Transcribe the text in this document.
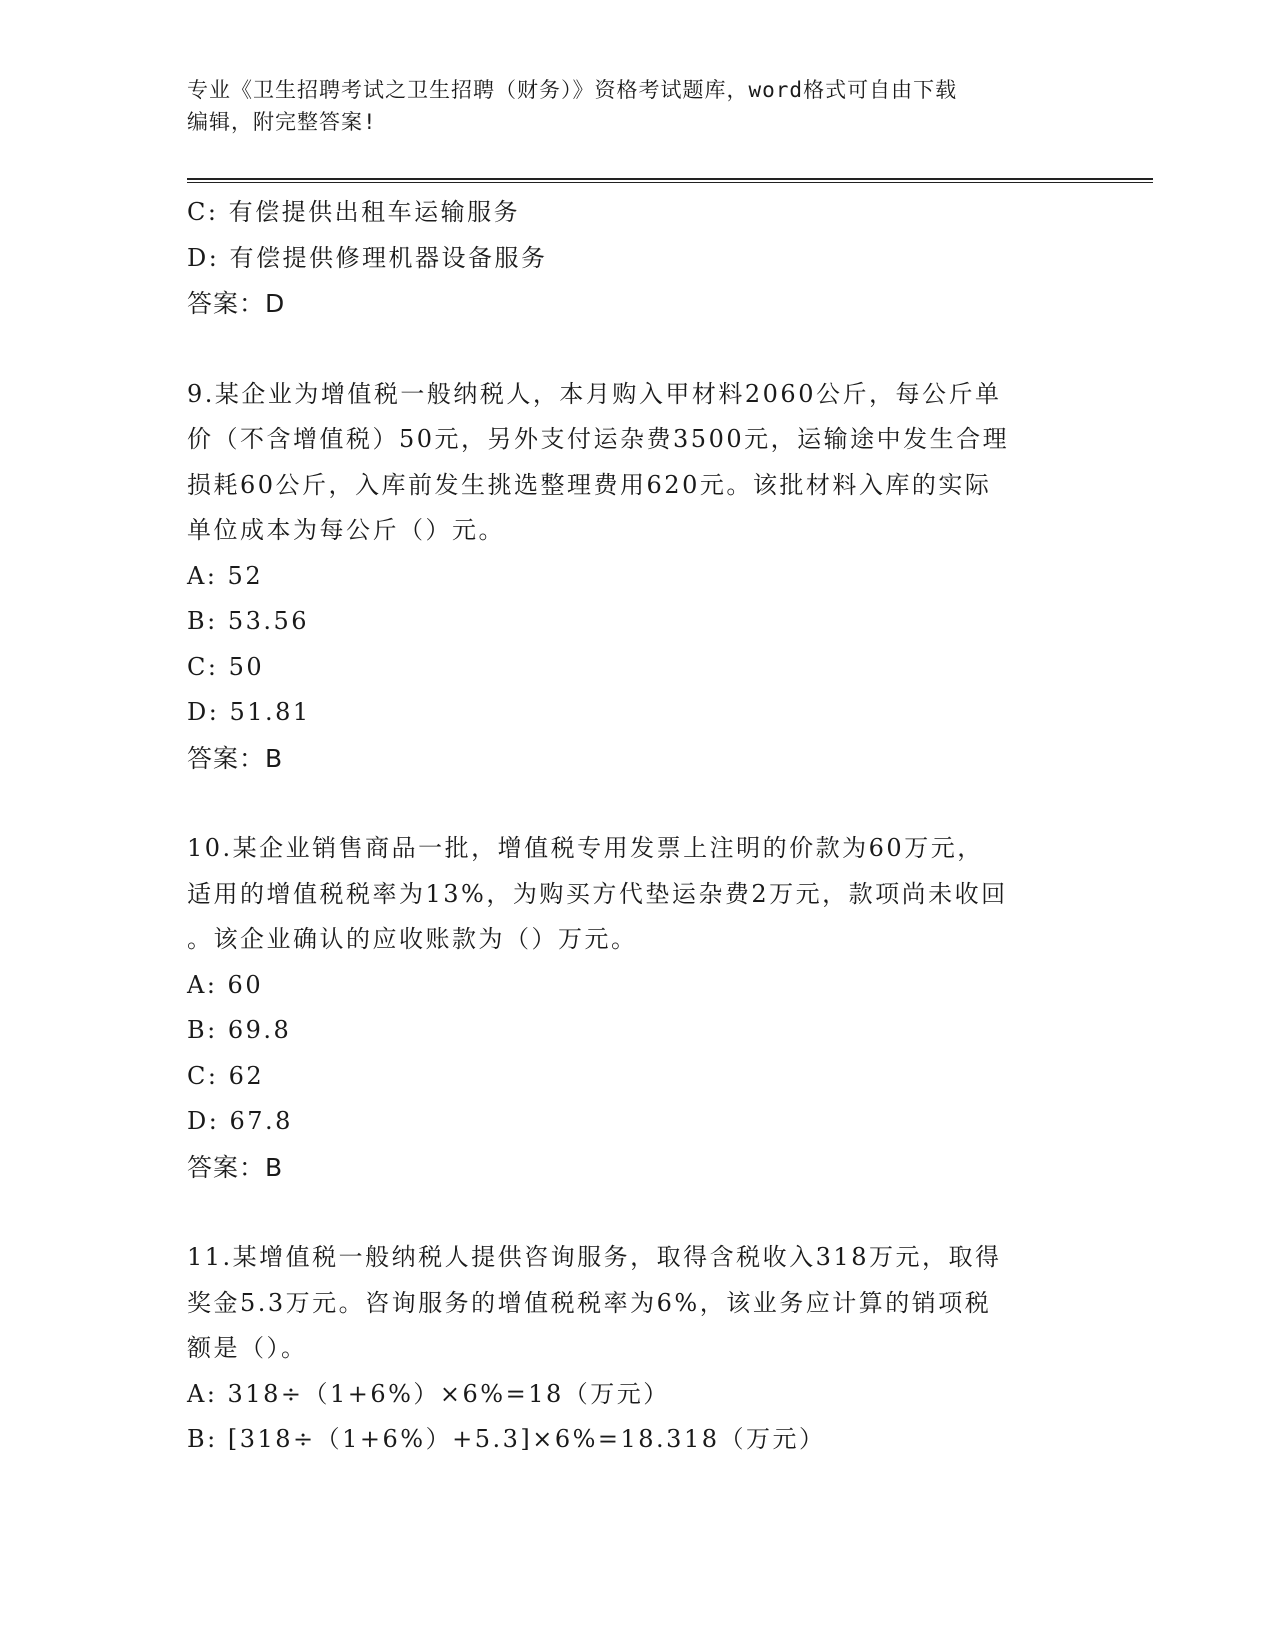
专业《卫生招聘考试之卫生招聘（财务）》资格考试题库，word格式可自由下载
编辑，附完整答案!
C: 有偿提供出租车运输服务
D: 有偿提供修理机器设备服务
答案：D
9.某企业为增值税一般纳税人，本月购入甲材料2060公斤，每公斤单
价（不含增值税）50元，另外支付运杂费3500元，运输途中发生合理
损耗60公斤，入库前发生挑选整理费用620元。该批材料入库的实际
单位成本为每公斤（）元。
A: 52
B: 53.56
C: 50
D: 51.81
答案：B
10.某企业销售商品一批，增值税专用发票上注明的价款为60万元，
适用的增值税税率为13%，为购买方代垫运杂费2万元，款项尚未收回
。该企业确认的应收账款为（）万元。
A: 60
B: 69.8
C: 62
D: 67.8
答案：B
11.某增值税一般纳税人提供咨询服务，取得含税收入318万元，取得
奖金5.3万元。咨询服务的增值税税率为6%，该业务应计算的销项税
额是（）。
A: 318÷（1+6%）×6%=18（万元）
B: [318÷（1+6%）+5.3]×6%=18.318（万元）
